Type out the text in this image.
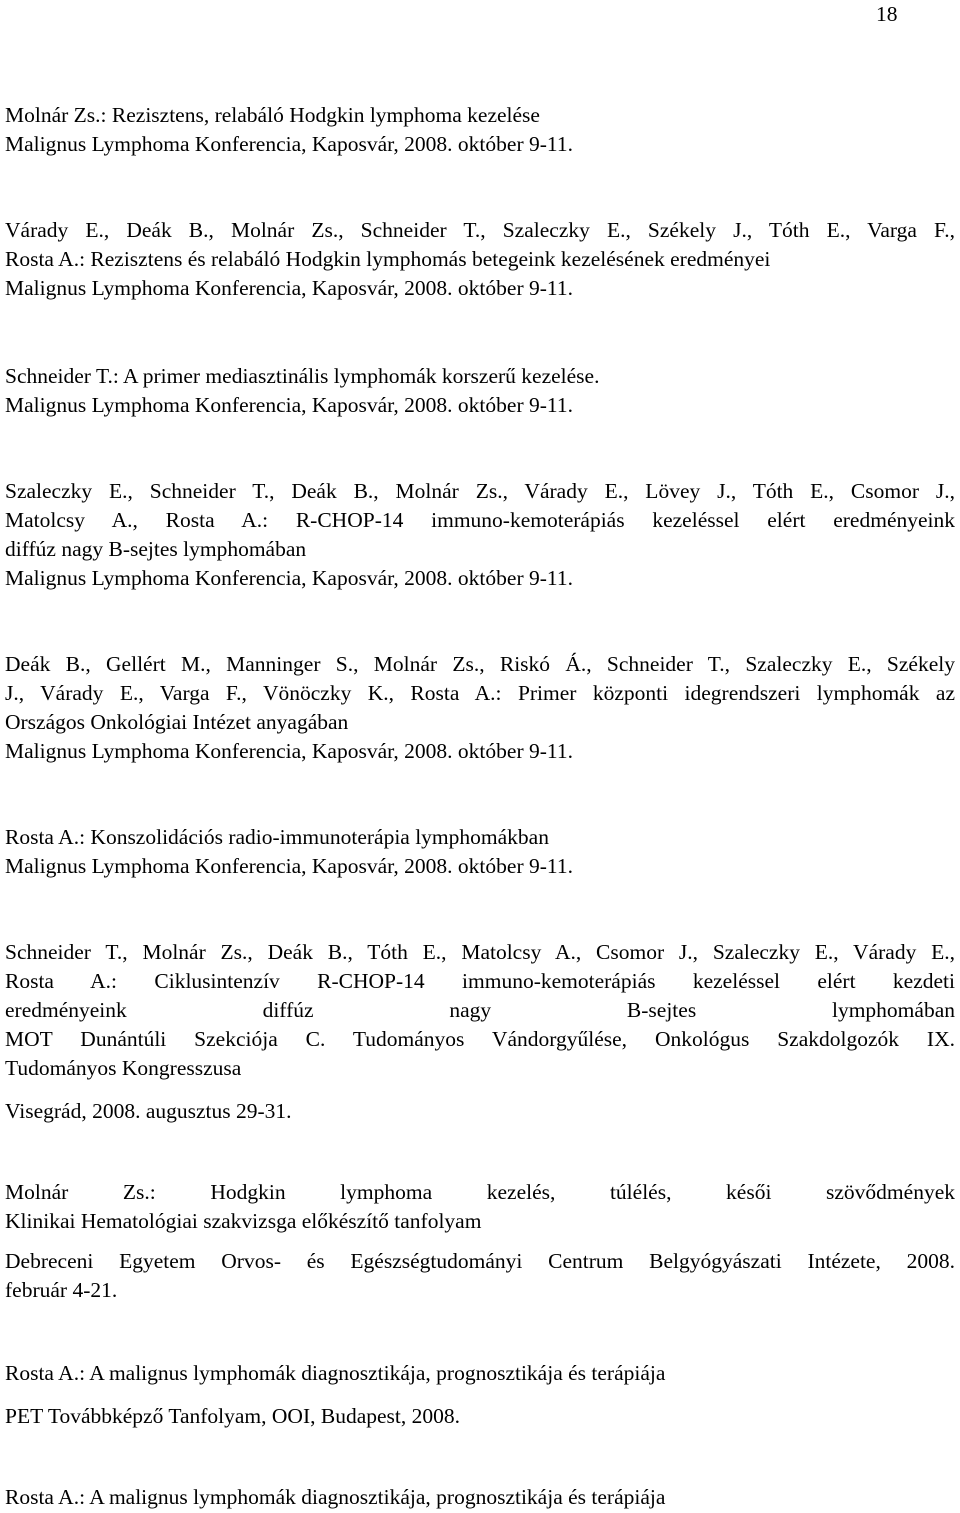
18
Molnár Zs.: Rezisztens, relabáló Hodgkin lymphoma kezelése
Malignus Lymphoma Konferencia, Kaposvár, 2008. október 9-11.
Várady E., Deák B., Molnár Zs., Schneider T., Szaleczky E., Székely J., Tóth E., Varga F.,
Rosta A.: Rezisztens és relabáló Hodgkin lymphomás betegeink kezelésének eredményei
Malignus Lymphoma Konferencia, Kaposvár, 2008. október 9-11.
Schneider T.: A primer mediasztinális lymphomák korszerű kezelése.
Malignus Lymphoma Konferencia, Kaposvár, 2008. október 9-11.
Szaleczky E., Schneider T., Deák B., Molnár Zs., Várady E., Lövey J., Tóth E., Csomor J.,
Matolcsy A., Rosta A.: R-CHOP-14 immuno-kemoterápiás kezeléssel elért eredményeink
diffúz nagy B-sejtes lymphomában
Malignus Lymphoma Konferencia, Kaposvár, 2008. október 9-11.
Deák B., Gellért M., Manninger S., Molnár Zs., Riskó Á., Schneider T., Szaleczky E., Székely
J., Várady E., Varga F., Vönöczky K., Rosta A.: Primer központi idegrendszeri lymphomák az
Országos Onkológiai Intézet anyagában
Malignus Lymphoma Konferencia, Kaposvár, 2008. október 9-11.
Rosta A.: Konszolidációs radio-immunoterápia lymphomákban
Malignus Lymphoma Konferencia, Kaposvár, 2008. október 9-11.
Schneider T., Molnár Zs., Deák B., Tóth E., Matolcsy A., Csomor J., Szaleczky E., Várady E.,
Rosta A.: Ciklusintenzív R-CHOP-14 immuno-kemoterápiás kezeléssel elért kezdeti
eredményeink diffúz nagy B-sejtes lymphomában
MOT Dunántúli Szekciója C. Tudományos Vándorgyűlése, Onkológus Szakdolgozók IX.
Tudományos Kongresszusa
Visegrád, 2008. augusztus 29-31.
Molnár Zs.: Hodgkin lymphoma kezelés, túlélés, késői szövődmények
Klinikai Hematológiai szakvizsga előkészítő tanfolyam
Debreceni Egyetem Orvos- és Egészségtudományi Centrum Belgyógyászati Intézete, 2008.
február 4-21.
Rosta A.: A malignus lymphomák diagnosztikája, prognosztikája és terápiája
PET Továbbképző Tanfolyam, OOI, Budapest, 2008.
Rosta A.: A malignus lymphomák diagnosztikája, prognosztikája és terápiája
